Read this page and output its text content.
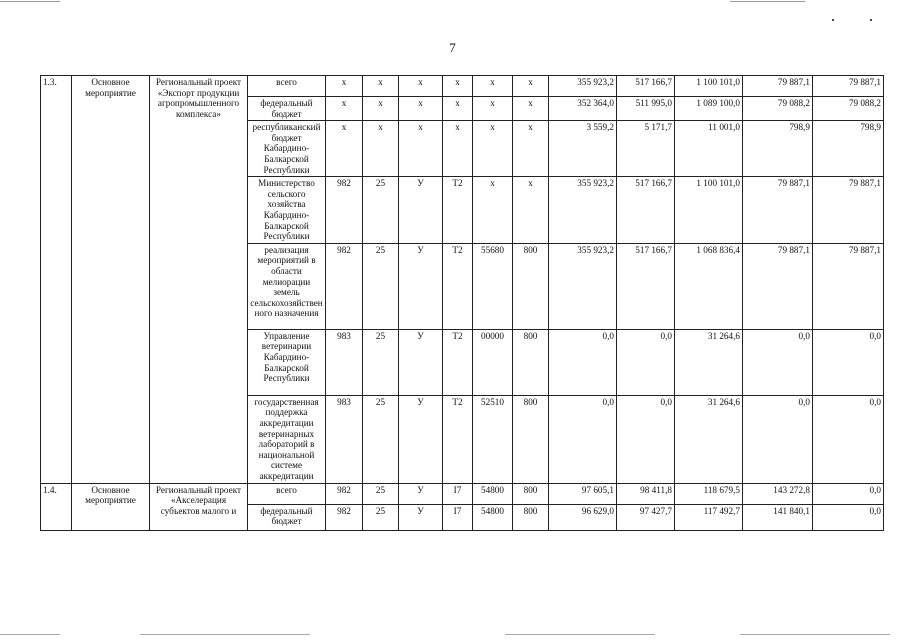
7
1.3.	Основное мероприятие	Региональный проект «Экспорт продукции агропромышленного комплекса»	всего	х	х	х	х	х	х	355 923,2	517 166,7	1 100 101,0	79 887,1	79 887,1
			федеральный бюджет	х	х	х	х	х	х	352 364,0	511 995,0	1 089 100,0	79 088,2	79 088,2
			республиканский бюджет Кабардино-Балкарской Республики	х	х	х	х	х	х	3 559,2	5 171,7	11 001,0	798,9	798,9
			Министерство сельского хозяйства Кабардино-Балкарской Республики	982	25	У	Т2	х	х	355 923,2	517 166,7	1 100 101,0	79 887,1	79 887,1
			реализация мероприятий в области мелиорации земель сельскохозяйственного назначения	982	25	У	Т2	55680	800	355 923,2	517 166,7	1 068 836,4	79 887,1	79 887,1
			Управление ветеринарии Кабардино-Балкарской Республики	983	25	У	Т2	00000	800	0,0	0,0	31 264,6	0,0	0,0
			государственная поддержка аккредитации ветеринарных лабораторий в национальной системе аккредитации	983	25	У	Т2	52510	800	0,0	0,0	31 264,6	0,0	0,0
1.4.	Основное мероприятие	Региональный проект «Акселерация субъектов малого и	всего	982	25	У	I7	54800	800	97 605,1	98 411,8	118 679,5	143 272,8	0,0
			федеральный бюджет	982	25	У	I7	54800	800	96 629,0	97 427,7	117 492,7	141 840,1	0,0
